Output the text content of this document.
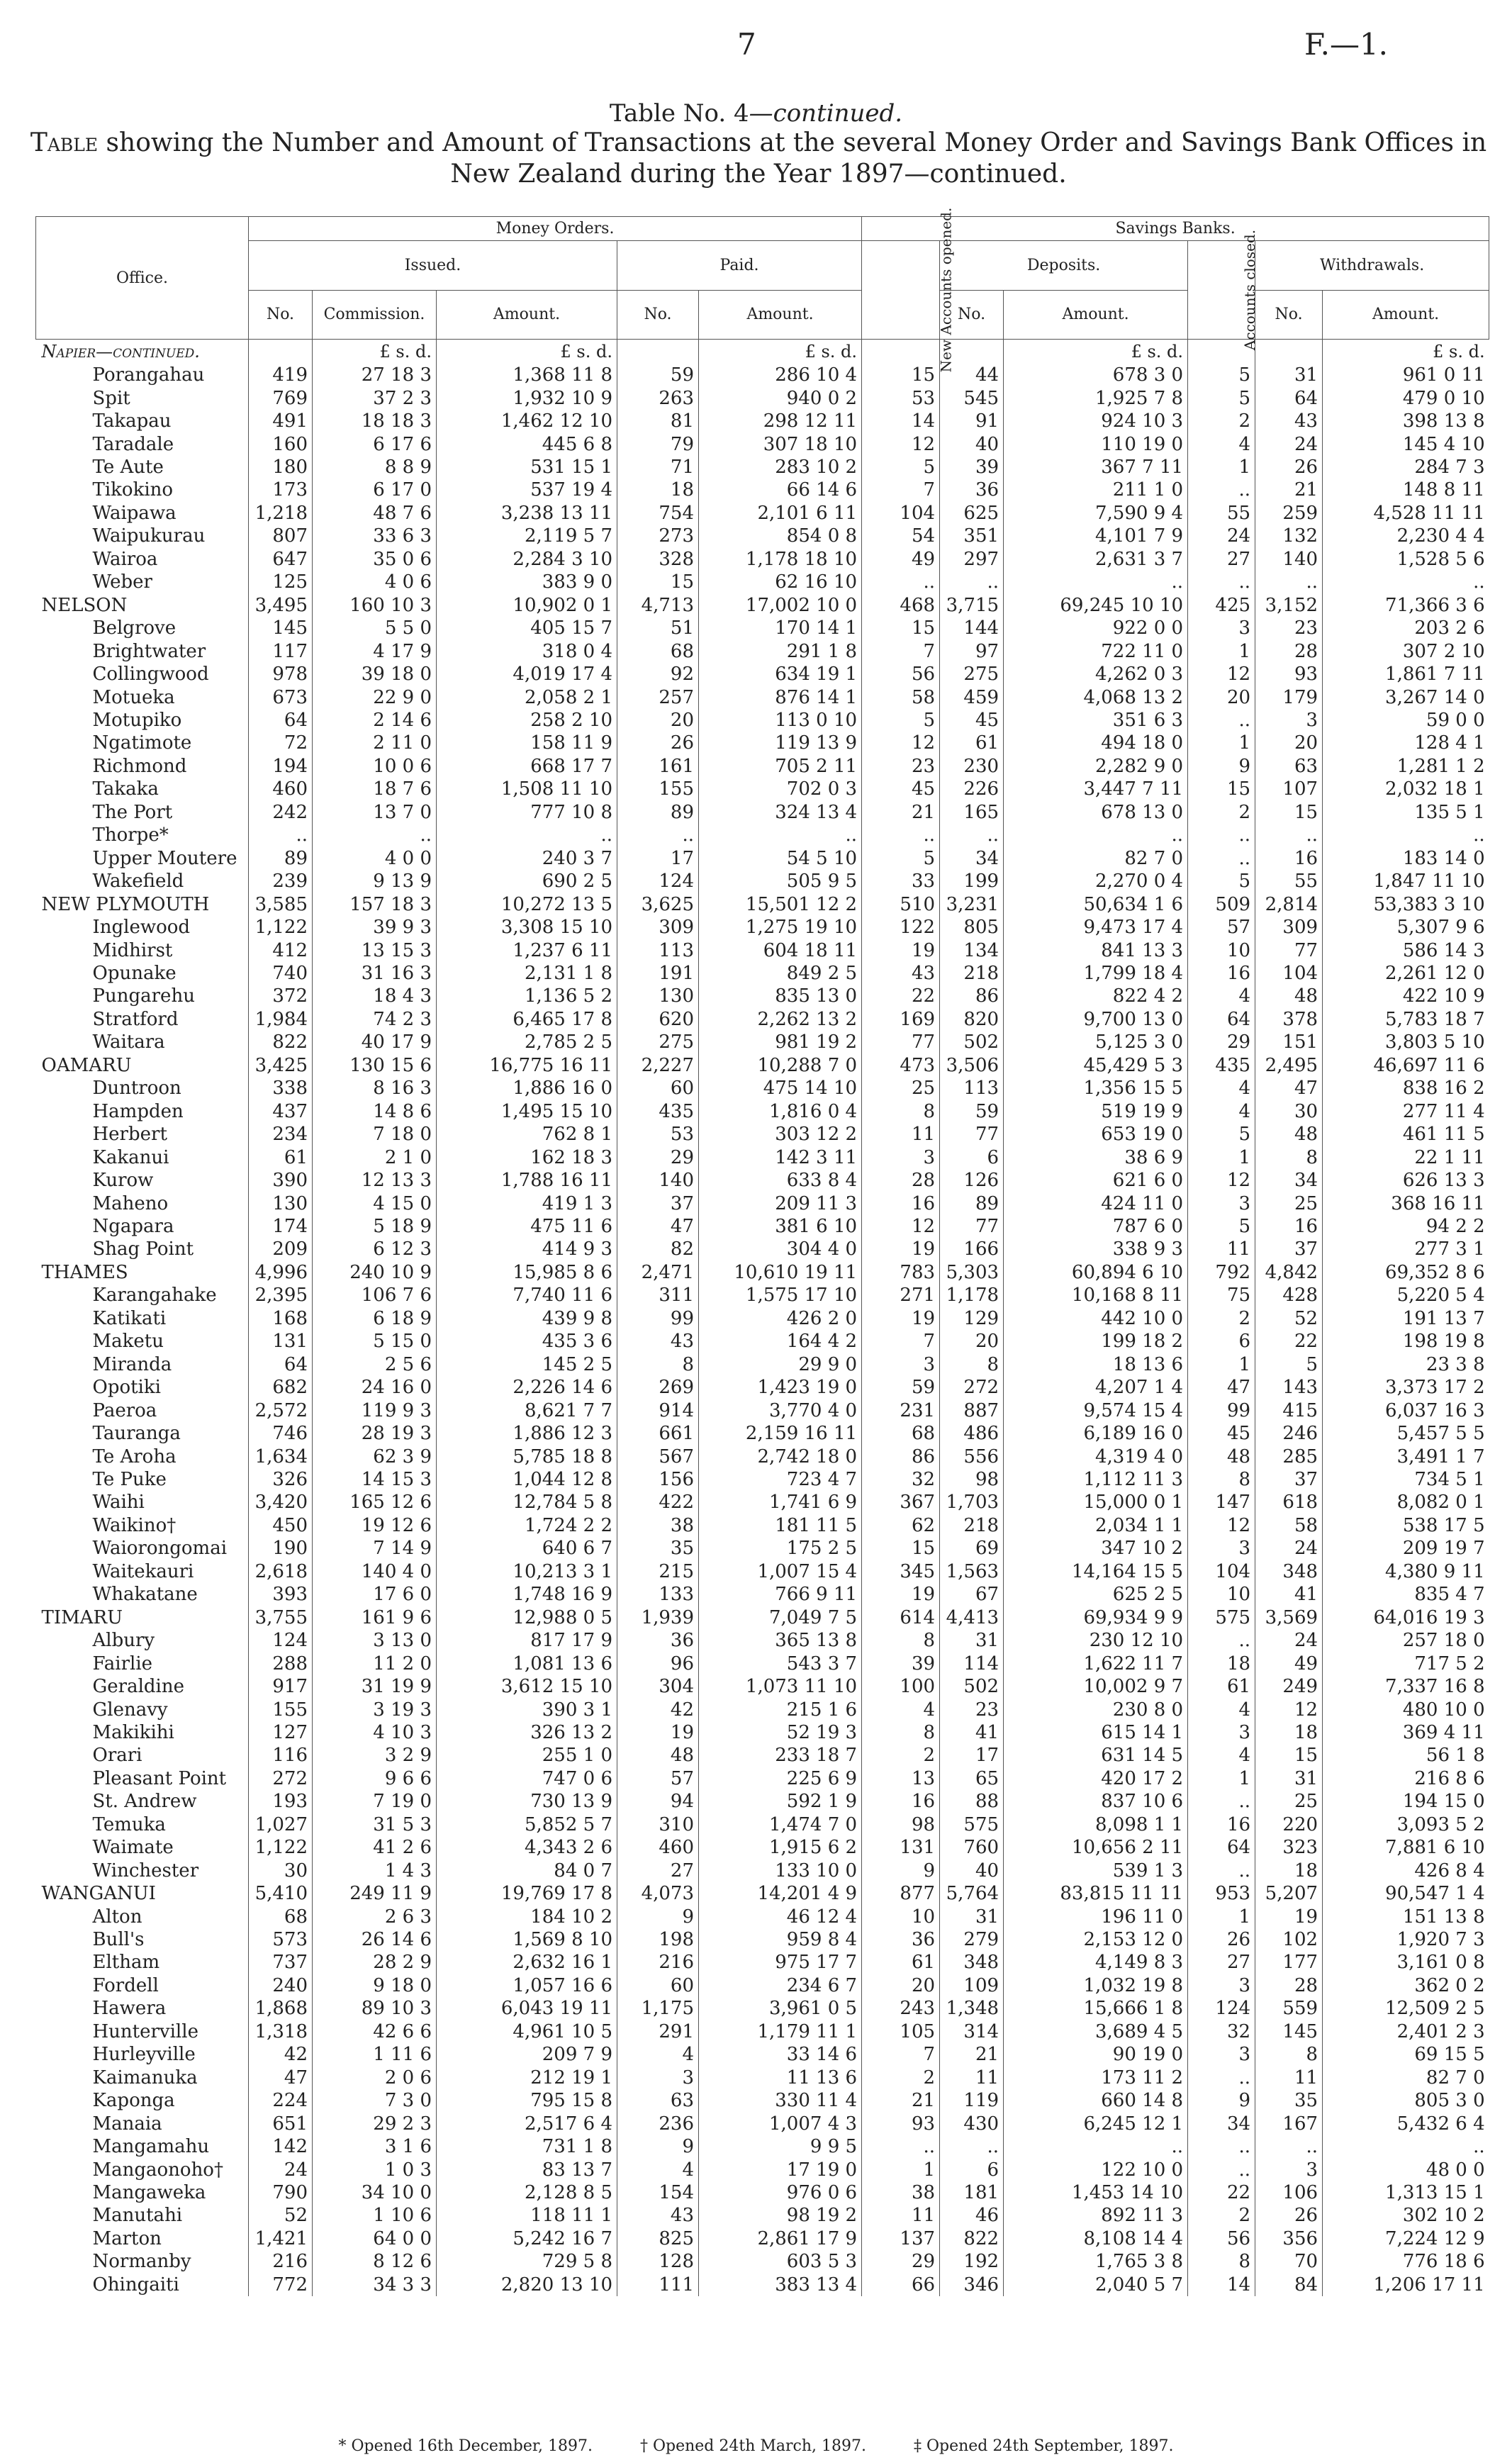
7	F.—1.
Table No. 4—continued.
Table showing the Number and Amount of Transactions at the several Money Order and Savings Bank Offices in New Zealand during the Year 1897—continued.
Office.	Money Orders.					Savings Banks.					
	Issued.			Paid.		New Accounts opened.	Deposits.		Accounts closed.	Withdrawals.	
	No.	Commission.	Amount.	No.	Amount.		No.	Amount.		No.	Amount.
Napier—continued.		£ s. d.	£ s. d.		£ s. d.			£ s. d.			£ s. d.
Porangahau	419	27 18 3	1,368 11 8	59	286 10 4	15	44	678 3 0	5	31	961 0 11
Spit	769	37 2 3	1,932 10 9	263	940 0 2	53	545	1,925 7 8	5	64	479 0 10
Takapau	491	18 18 3	1,462 12 10	81	298 12 11	14	91	924 10 3	2	43	398 13 8
Taradale	160	6 17 6	445 6 8	79	307 18 10	12	40	110 19 0	4	24	145 4 10
Te Aute	180	8 8 9	531 15 1	71	283 10 2	5	39	367 7 11	1	26	284 7 3
Tikokino	173	6 17 0	537 19 4	18	66 14 6	7	36	211 1 0	..	21	148 8 11
Waipawa	1,218	48 7 6	3,238 13 11	754	2,101 6 11	104	625	7,590 9 4	55	259	4,528 11 11
Waipukurau	807	33 6 3	2,119 5 7	273	854 0 8	54	351	4,101 7 9	24	132	2,230 4 4
Wairoa	647	35 0 6	2,284 3 10	328	1,178 18 10	49	297	2,631 3 7	27	140	1,528 5 6
Weber	125	4 0 6	383 9 0	15	62 16 10	..	..	..	..	..	..
NELSON	3,495	160 10 3	10,902 0 1	4,713	17,002 10 0	468	3,715	69,245 10 10	425	3,152	71,366 3 6
Belgrove	145	5 5 0	405 15 7	51	170 14 1	15	144	922 0 0	3	23	203 2 6
Brightwater	117	4 17 9	318 0 4	68	291 1 8	7	97	722 11 0	1	28	307 2 10
Collingwood	978	39 18 0	4,019 17 4	92	634 19 1	56	275	4,262 0 3	12	93	1,861 7 11
Motueka	673	22 9 0	2,058 2 1	257	876 14 1	58	459	4,068 13 2	20	179	3,267 14 0
Motupiko	64	2 14 6	258 2 10	20	113 0 10	5	45	351 6 3	..	3	59 0 0
Ngatimote	72	2 11 0	158 11 9	26	119 13 9	12	61	494 18 0	1	20	128 4 1
Richmond	194	10 0 6	668 17 7	161	705 2 11	23	230	2,282 9 0	9	63	1,281 1 2
Takaka	460	18 7 6	1,508 11 10	155	702 0 3	45	226	3,447 7 11	15	107	2,032 18 1
The Port	242	13 7 0	777 10 8	89	324 13 4	21	165	678 13 0	2	15	135 5 1
Thorpe*	..	..	..	..	..	..	..	..	..	..	..
Upper Moutere	89	4 0 0	240 3 7	17	54 5 10	5	34	82 7 0	..	16	183 14 0
Wakefield	239	9 13 9	690 2 5	124	505 9 5	33	199	2,270 0 4	5	55	1,847 11 10
NEW PLYMOUTH	3,585	157 18 3	10,272 13 5	3,625	15,501 12 2	510	3,231	50,634 1 6	509	2,814	53,383 3 10
Inglewood	1,122	39 9 3	3,308 15 10	309	1,275 19 10	122	805	9,473 17 4	57	309	5,307 9 6
Midhirst	412	13 15 3	1,237 6 11	113	604 18 11	19	134	841 13 3	10	77	586 14 3
Opunake	740	31 16 3	2,131 1 8	191	849 2 5	43	218	1,799 18 4	16	104	2,261 12 0
Pungarehu	372	18 4 3	1,136 5 2	130	835 13 0	22	86	822 4 2	4	48	422 10 9
Stratford	1,984	74 2 3	6,465 17 8	620	2,262 13 2	169	820	9,700 13 0	64	378	5,783 18 7
Waitara	822	40 17 9	2,785 2 5	275	981 19 2	77	502	5,125 3 0	29	151	3,803 5 10
OAMARU	3,425	130 15 6	16,775 16 11	2,227	10,288 7 0	473	3,506	45,429 5 3	435	2,495	46,697 11 6
Duntroon	338	8 16 3	1,886 16 0	60	475 14 10	25	113	1,356 15 5	4	47	838 16 2
Hampden	437	14 8 6	1,495 15 10	435	1,816 0 4	8	59	519 19 9	4	30	277 11 4
Herbert	234	7 18 0	762 8 1	53	303 12 2	11	77	653 19 0	5	48	461 11 5
Kakanui	61	2 1 0	162 18 3	29	142 3 11	3	6	38 6 9	1	8	22 1 11
Kurow	390	12 13 3	1,788 16 11	140	633 8 4	28	126	621 6 0	12	34	626 13 3
Maheno	130	4 15 0	419 1 3	37	209 11 3	16	89	424 11 0	3	25	368 16 11
Ngapara	174	5 18 9	475 11 6	47	381 6 10	12	77	787 6 0	5	16	94 2 2
Shag Point	209	6 12 3	414 9 3	82	304 4 0	19	166	338 9 3	11	37	277 3 1
THAMES	4,996	240 10 9	15,985 8 6	2,471	10,610 19 11	783	5,303	60,894 6 10	792	4,842	69,352 8 6
Karangahake	2,395	106 7 6	7,740 11 6	311	1,575 17 10	271	1,178	10,168 8 11	75	428	5,220 5 4
Katikati	168	6 18 9	439 9 8	99	426 2 0	19	129	442 10 0	2	52	191 13 7
Maketu	131	5 15 0	435 3 6	43	164 4 2	7	20	199 18 2	6	22	198 19 8
Miranda	64	2 5 6	145 2 5	8	29 9 0	3	8	18 13 6	1	5	23 3 8
Opotiki	682	24 16 0	2,226 14 6	269	1,423 19 0	59	272	4,207 1 4	47	143	3,373 17 2
Paeroa	2,572	119 9 3	8,621 7 7	914	3,770 4 0	231	887	9,574 15 4	99	415	6,037 16 3
Tauranga	746	28 19 3	1,886 12 3	661	2,159 16 11	68	486	6,189 16 0	45	246	5,457 5 5
Te Aroha	1,634	62 3 9	5,785 18 8	567	2,742 18 0	86	556	4,319 4 0	48	285	3,491 1 7
Te Puke	326	14 15 3	1,044 12 8	156	723 4 7	32	98	1,112 11 3	8	37	734 5 1
Waihi	3,420	165 12 6	12,784 5 8	422	1,741 6 9	367	1,703	15,000 0 1	147	618	8,082 0 1
Waikino†	450	19 12 6	1,724 2 2	38	181 11 5	62	218	2,034 1 1	12	58	538 17 5
Waiorongomai	190	7 14 9	640 6 7	35	175 2 5	15	69	347 10 2	3	24	209 19 7
Waitekauri	2,618	140 4 0	10,213 3 1	215	1,007 15 4	345	1,563	14,164 15 5	104	348	4,380 9 11
Whakatane	393	17 6 0	1,748 16 9	133	766 9 11	19	67	625 2 5	10	41	835 4 7
TIMARU	3,755	161 9 6	12,988 0 5	1,939	7,049 7 5	614	4,413	69,934 9 9	575	3,569	64,016 19 3
Albury	124	3 13 0	817 17 9	36	365 13 8	8	31	230 12 10	..	24	257 18 0
Fairlie	288	11 2 0	1,081 13 6	96	543 3 7	39	114	1,622 11 7	18	49	717 5 2
Geraldine	917	31 19 9	3,612 15 10	304	1,073 11 10	100	502	10,002 9 7	61	249	7,337 16 8
Glenavy	155	3 19 3	390 3 1	42	215 1 6	4	23	230 8 0	4	12	480 10 0
Makikihi	127	4 10 3	326 13 2	19	52 19 3	8	41	615 14 1	3	18	369 4 11
Orari	116	3 2 9	255 1 0	48	233 18 7	2	17	631 14 5	4	15	56 1 8
Pleasant Point	272	9 6 6	747 0 6	57	225 6 9	13	65	420 17 2	1	31	216 8 6
St. Andrew	193	7 19 0	730 13 9	94	592 1 9	16	88	837 10 6	..	25	194 15 0
Temuka	1,027	31 5 3	5,852 5 7	310	1,474 7 0	98	575	8,098 1 1	16	220	3,093 5 2
Waimate	1,122	41 2 6	4,343 2 6	460	1,915 6 2	131	760	10,656 2 11	64	323	7,881 6 10
Winchester	30	1 4 3	84 0 7	27	133 10 0	9	40	539 1 3	..	18	426 8 4
WANGANUI	5,410	249 11 9	19,769 17 8	4,073	14,201 4 9	877	5,764	83,815 11 11	953	5,207	90,547 1 4
Alton	68	2 6 3	184 10 2	9	46 12 4	10	31	196 11 0	1	19	151 13 8
Bull's	573	26 14 6	1,569 8 10	198	959 8 4	36	279	2,153 12 0	26	102	1,920 7 3
Eltham	737	28 2 9	2,632 16 1	216	975 17 7	61	348	4,149 8 3	27	177	3,161 0 8
Fordell	240	9 18 0	1,057 16 6	60	234 6 7	20	109	1,032 19 8	3	28	362 0 2
Hawera	1,868	89 10 3	6,043 19 11	1,175	3,961 0 5	243	1,348	15,666 1 8	124	559	12,509 2 5
Hunterville	1,318	42 6 6	4,961 10 5	291	1,179 11 1	105	314	3,689 4 5	32	145	2,401 2 3
Hurleyville	42	1 11 6	209 7 9	4	33 14 6	7	21	90 19 0	3	8	69 15 5
Kaimanuka	47	2 0 6	212 19 1	3	11 13 6	2	11	173 11 2	..	11	82 7 0
Kaponga	224	7 3 0	795 15 8	63	330 11 4	21	119	660 14 8	9	35	805 3 0
Manaia	651	29 2 3	2,517 6 4	236	1,007 4 3	93	430	6,245 12 1	34	167	5,432 6 4
Mangamahu	142	3 1 6	731 1 8	9	9 9 5	..	..	..	..	..	..
Mangaonoho†	24	1 0 3	83 13 7	4	17 19 0	1	6	122 10 0	..	3	48 0 0
Mangaweka	790	34 10 0	2,128 8 5	154	976 0 6	38	181	1,453 14 10	22	106	1,313 15 1
Manutahi	52	1 10 6	118 11 1	43	98 19 2	11	46	892 11 3	2	26	302 10 2
Marton	1,421	64 0 0	5,242 16 7	825	2,861 17 9	137	822	8,108 14 4	56	356	7,224 12 9
Normanby	216	8 12 6	729 5 8	128	603 5 3	29	192	1,765 3 8	8	70	776 18 6
Ohingaiti	772	34 3 3	2,820 13 10	111	383 13 4	66	346	2,040 5 7	14	84	1,206 17 11
* Opened 16th December, 1897.	† Opened 24th March, 1897.	‡ Opened 24th September, 1897.
